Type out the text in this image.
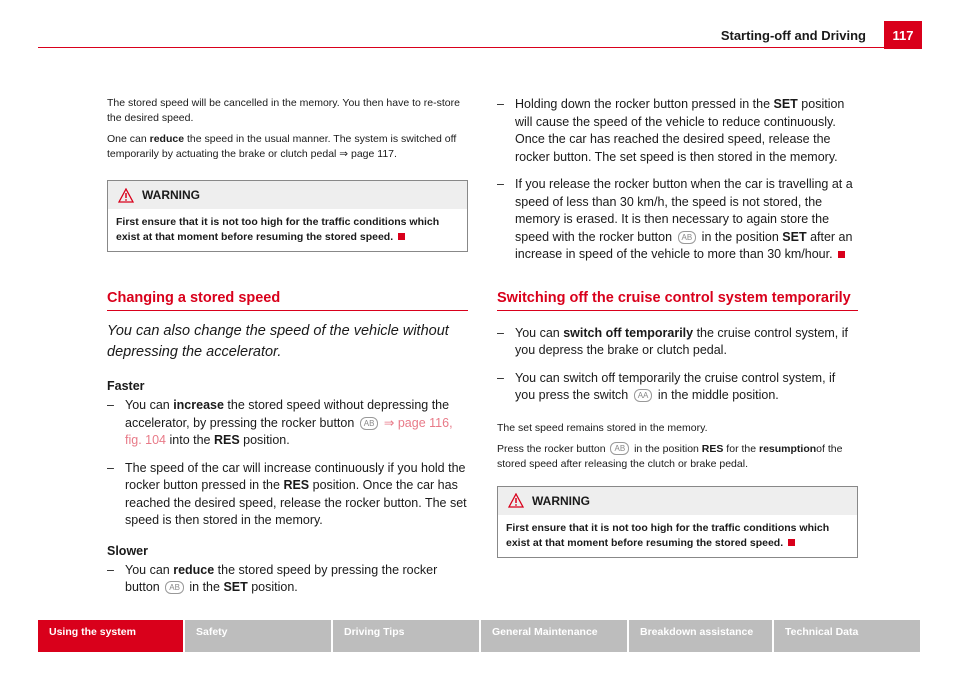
Starting-off and Driving	117

The stored speed will be cancelled in the memory. You then have to re-store the desired speed.

One can reduce the speed in the usual manner. The system is switched off temporarily by actuating the brake or clutch pedal ⇒ page 117.

WARNING
First ensure that it is not too high for the traffic conditions which exist at that moment before resuming the stored speed.
Changing a stored speed

You can also change the speed of the vehicle without depressing the accelerator.

Faster

– You can increase the stored speed without depressing the accelerator, by pressing the rocker button AB ⇒ page 116, fig. 104 into the RES position.
– The speed of the car will increase continuously if you hold the rocker button pressed in the RES position. Once the car has reached the desired speed, release the rocker button. The set speed is then stored in the memory.

Slower

– You can reduce the stored speed by pressing the rocker button AB in the SET position.
– Holding down the rocker button pressed in the SET position will cause the speed of the vehicle to reduce continuously. Once the car has reached the desired speed, release the rocker button. The set speed is then stored in the memory.
– If you release the rocker button when the car is travelling at a speed of less than 30 km/h, the speed is not stored, the memory is erased. It is then necessary to again store the speed with the rocker button AB in the position SET after an increase in speed of the vehicle to more than 30 km/hour.
Switching off the cruise control system temporarily
– You can switch off temporarily the cruise control system, if you depress the brake or clutch pedal.
– You can switch off temporarily the cruise control system, if you press the switch AA in the middle position.

The set speed remains stored in the memory.

Press the rocker button AB in the position RES for the resumptionof the stored speed after releasing the clutch or brake pedal.

WARNING
First ensure that it is not too high for the traffic conditions which exist at that moment before resuming the stored speed.
Using the system	Safety	Driving Tips	General Maintenance	Breakdown assistance	Technical Data
